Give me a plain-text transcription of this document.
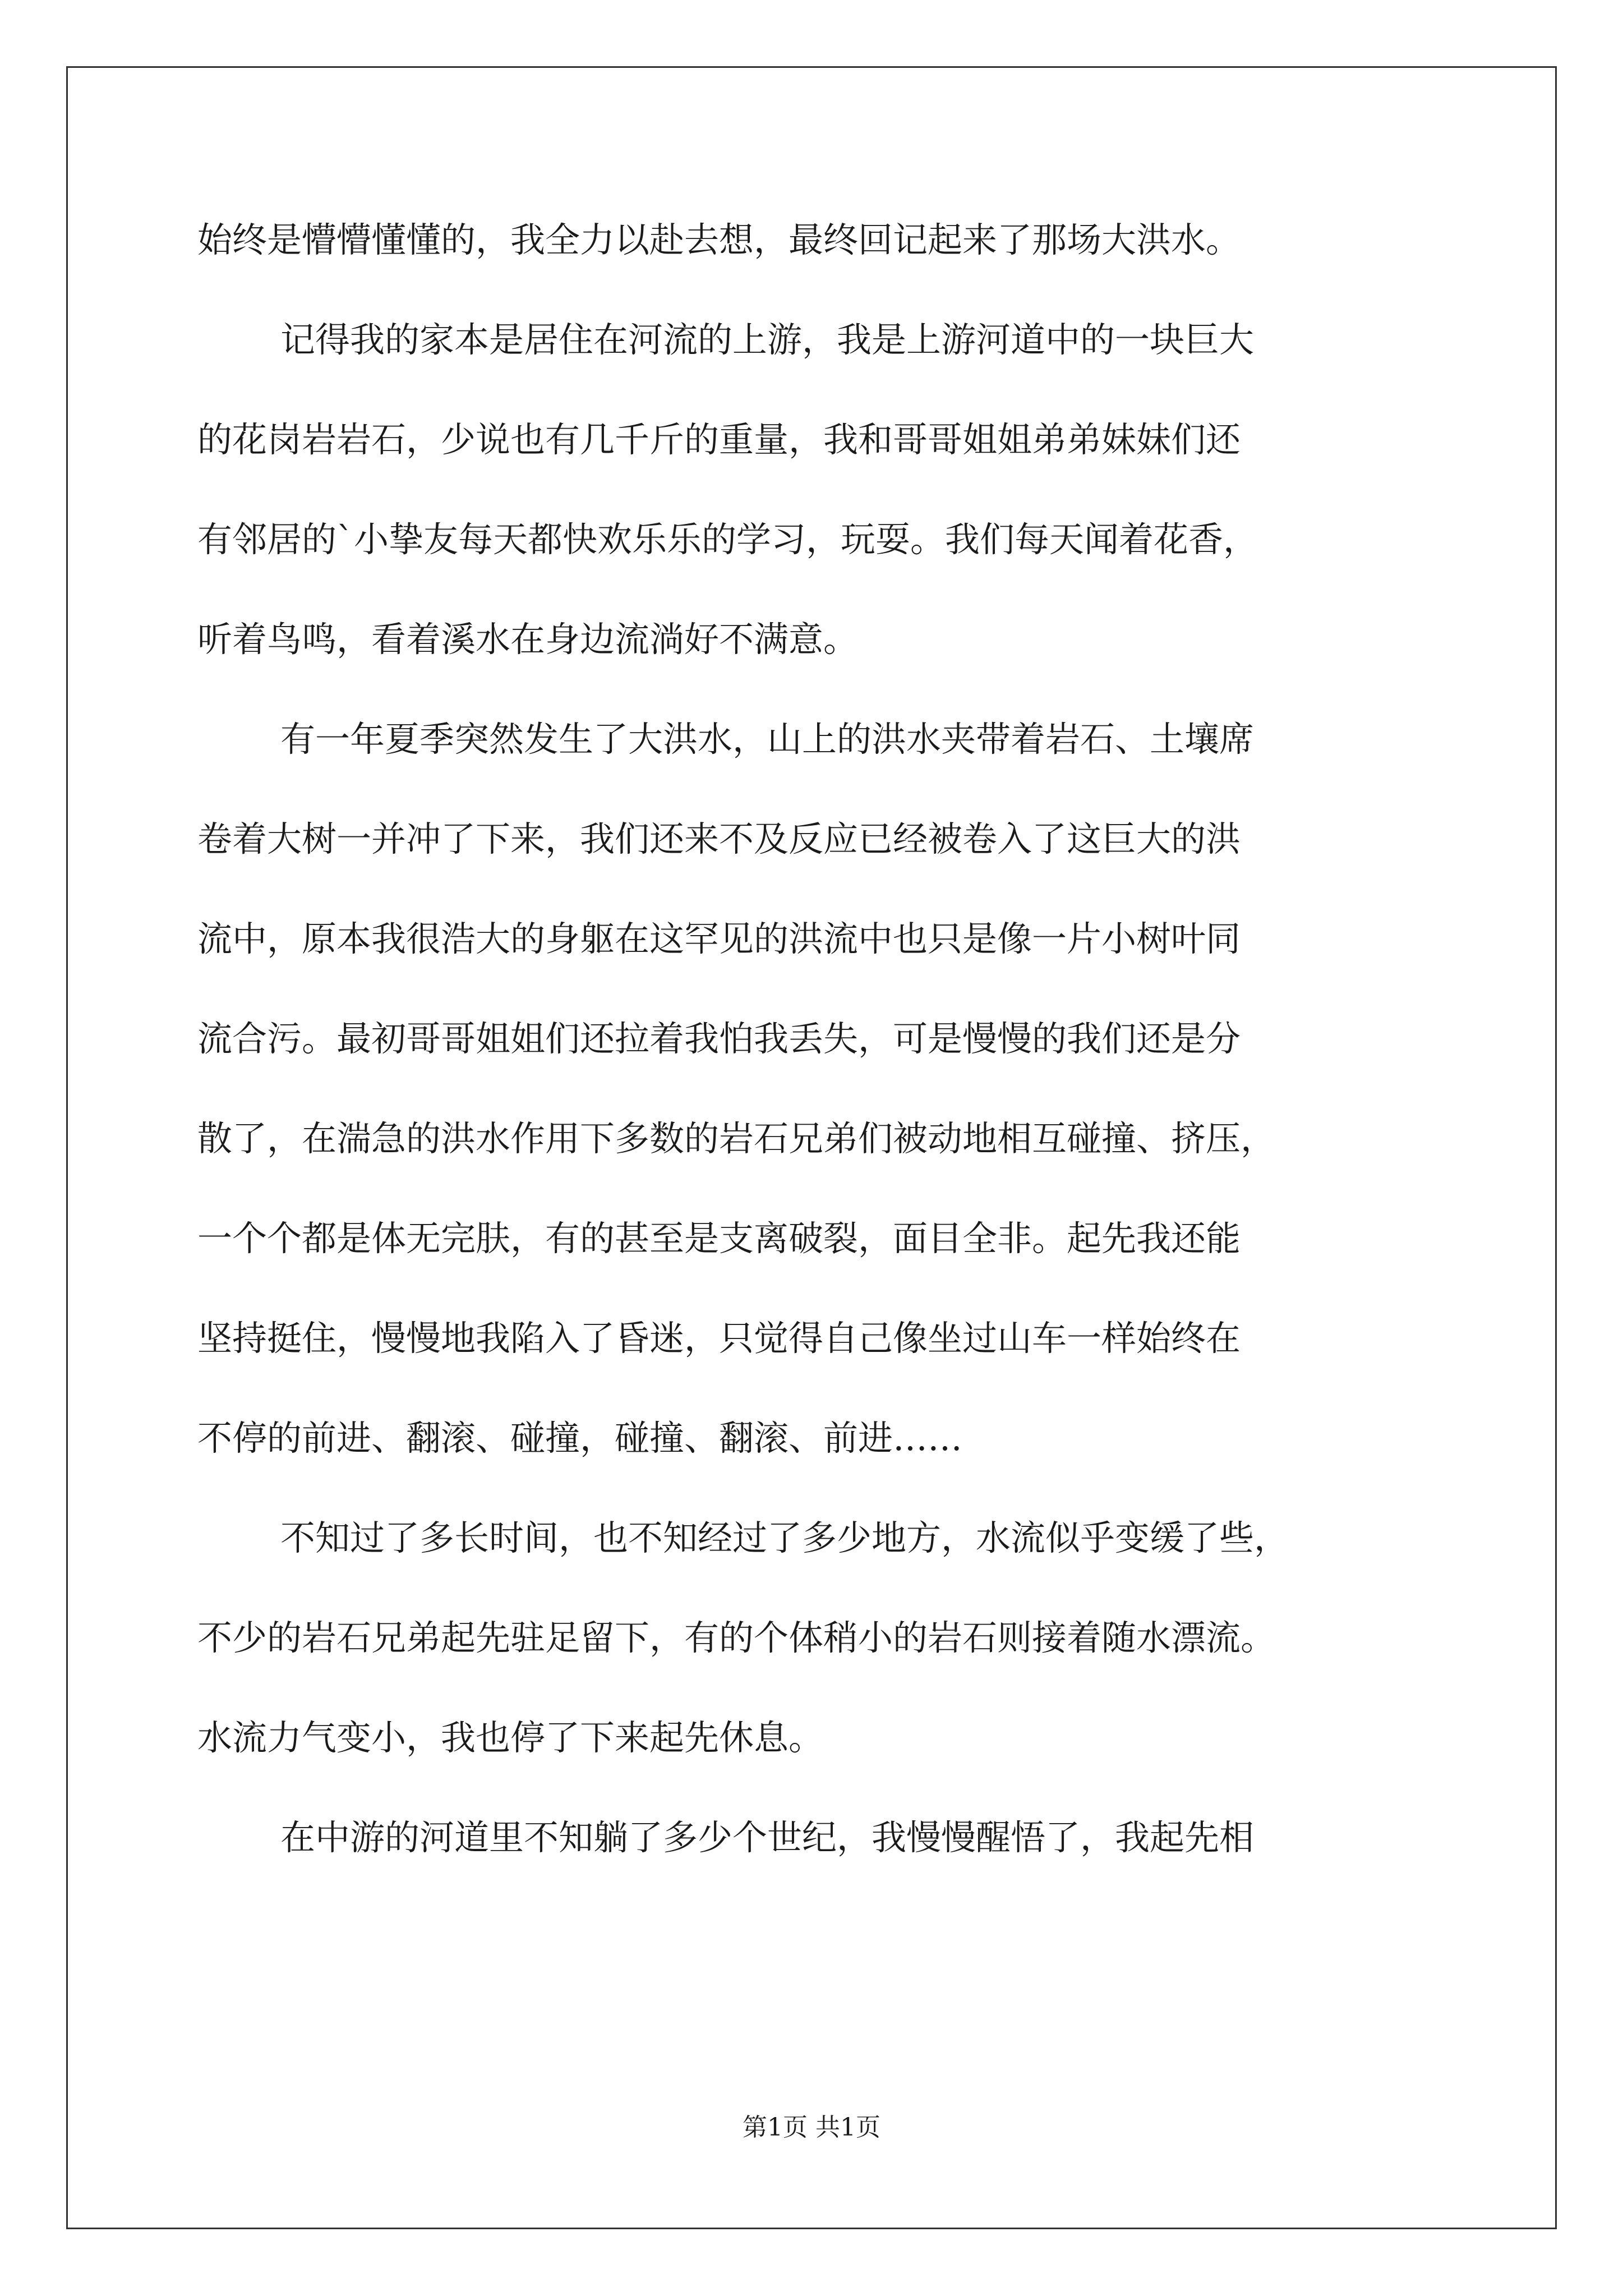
始终是懵懵懂懂的，我全力以赴去想，最终回记起来了那场大洪水。
记得我的家本是居住在河流的上游，我是上游河道中的一块巨大
的花岗岩岩石，少说也有几千斤的重量，我和哥哥姐姐弟弟妹妹们还
有邻居的`小挚友每天都快欢乐乐的学习，玩耍。我们每天闻着花香，
听着鸟鸣，看着溪水在身边流淌好不满意。
有一年夏季突然发生了大洪水，山上的洪水夹带着岩石、土壤席
卷着大树一并冲了下来，我们还来不及反应已经被卷入了这巨大的洪
流中，原本我很浩大的身躯在这罕见的洪流中也只是像一片小树叶同
流合污。最初哥哥姐姐们还拉着我怕我丢失，可是慢慢的我们还是分
散了，在湍急的洪水作用下多数的岩石兄弟们被动地相互碰撞、挤压，
一个个都是体无完肤，有的甚至是支离破裂，面目全非。起先我还能
坚持挺住，慢慢地我陷入了昏迷，只觉得自己像坐过山车一样始终在
不停的前进、翻滚、碰撞，碰撞、翻滚、前进……
不知过了多长时间，也不知经过了多少地方，水流似乎变缓了些，
不少的岩石兄弟起先驻足留下，有的个体稍小的岩石则接着随水漂流。
水流力气变小，我也停了下来起先休息。
在中游的河道里不知躺了多少个世纪，我慢慢醒悟了，我起先相
第1页 共1页
